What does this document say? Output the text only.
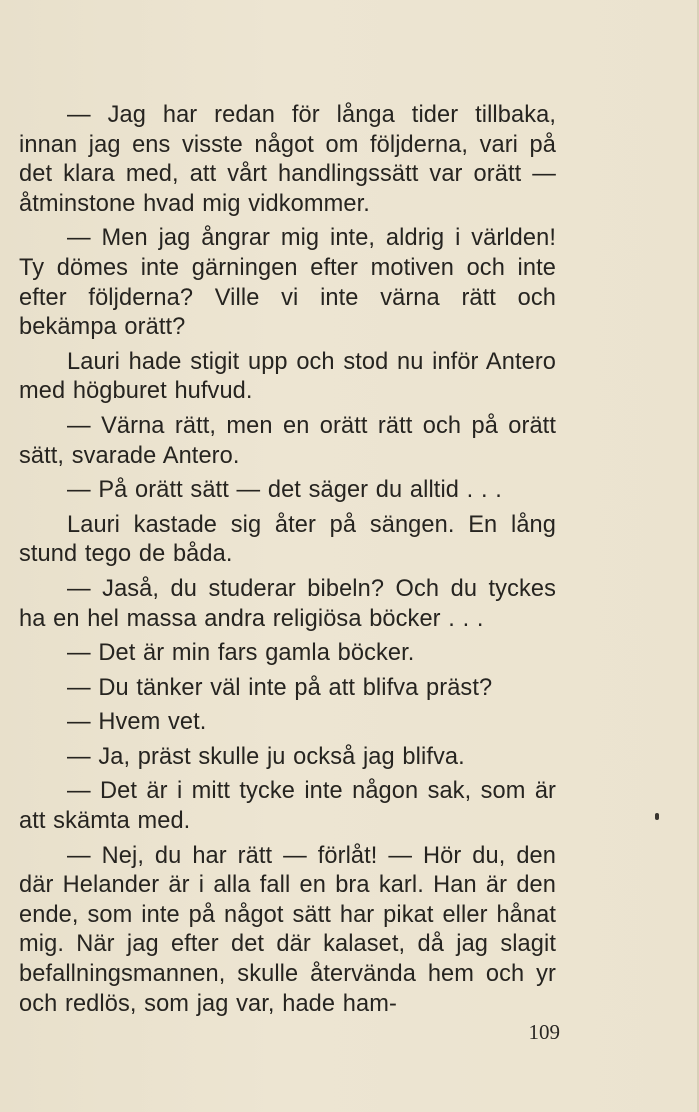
— Jag har redan för långa tider tillbaka, innan jag ens visste något om följderna, vari på det klara med, att vårt handlingssätt var orätt — åtminstone hvad mig vidkommer.

— Men jag ångrar mig inte, aldrig i världen! Ty dömes inte gärningen efter motiven och inte efter följderna? Ville vi inte värna rätt och bekämpa orätt?

Lauri hade stigit upp och stod nu inför Antero med högburet hufvud.

— Värna rätt, men en orätt rätt och på orätt sätt, svarade Antero.

— På orätt sätt — det säger du alltid . . .

Lauri kastade sig åter på sängen. En lång stund tego de båda.

— Jaså, du studerar bibeln? Och du tyckes ha en hel massa andra religiösa böcker . . .

— Det är min fars gamla böcker.

— Du tänker väl inte på att blifva präst?

— Hvem vet.

— Ja, präst skulle ju också jag blifva.

— Det är i mitt tycke inte någon sak, som är att skämta med.

— Nej, du har rätt — förlåt! — Hör du, den där Helander är i alla fall en bra karl. Han är den ende, som inte på något sätt har pikat eller hånat mig. När jag efter det där kalaset, då jag slagit befallningsmannen, skulle återvända hem och yr och redlös, som jag var, hade ham-

109
